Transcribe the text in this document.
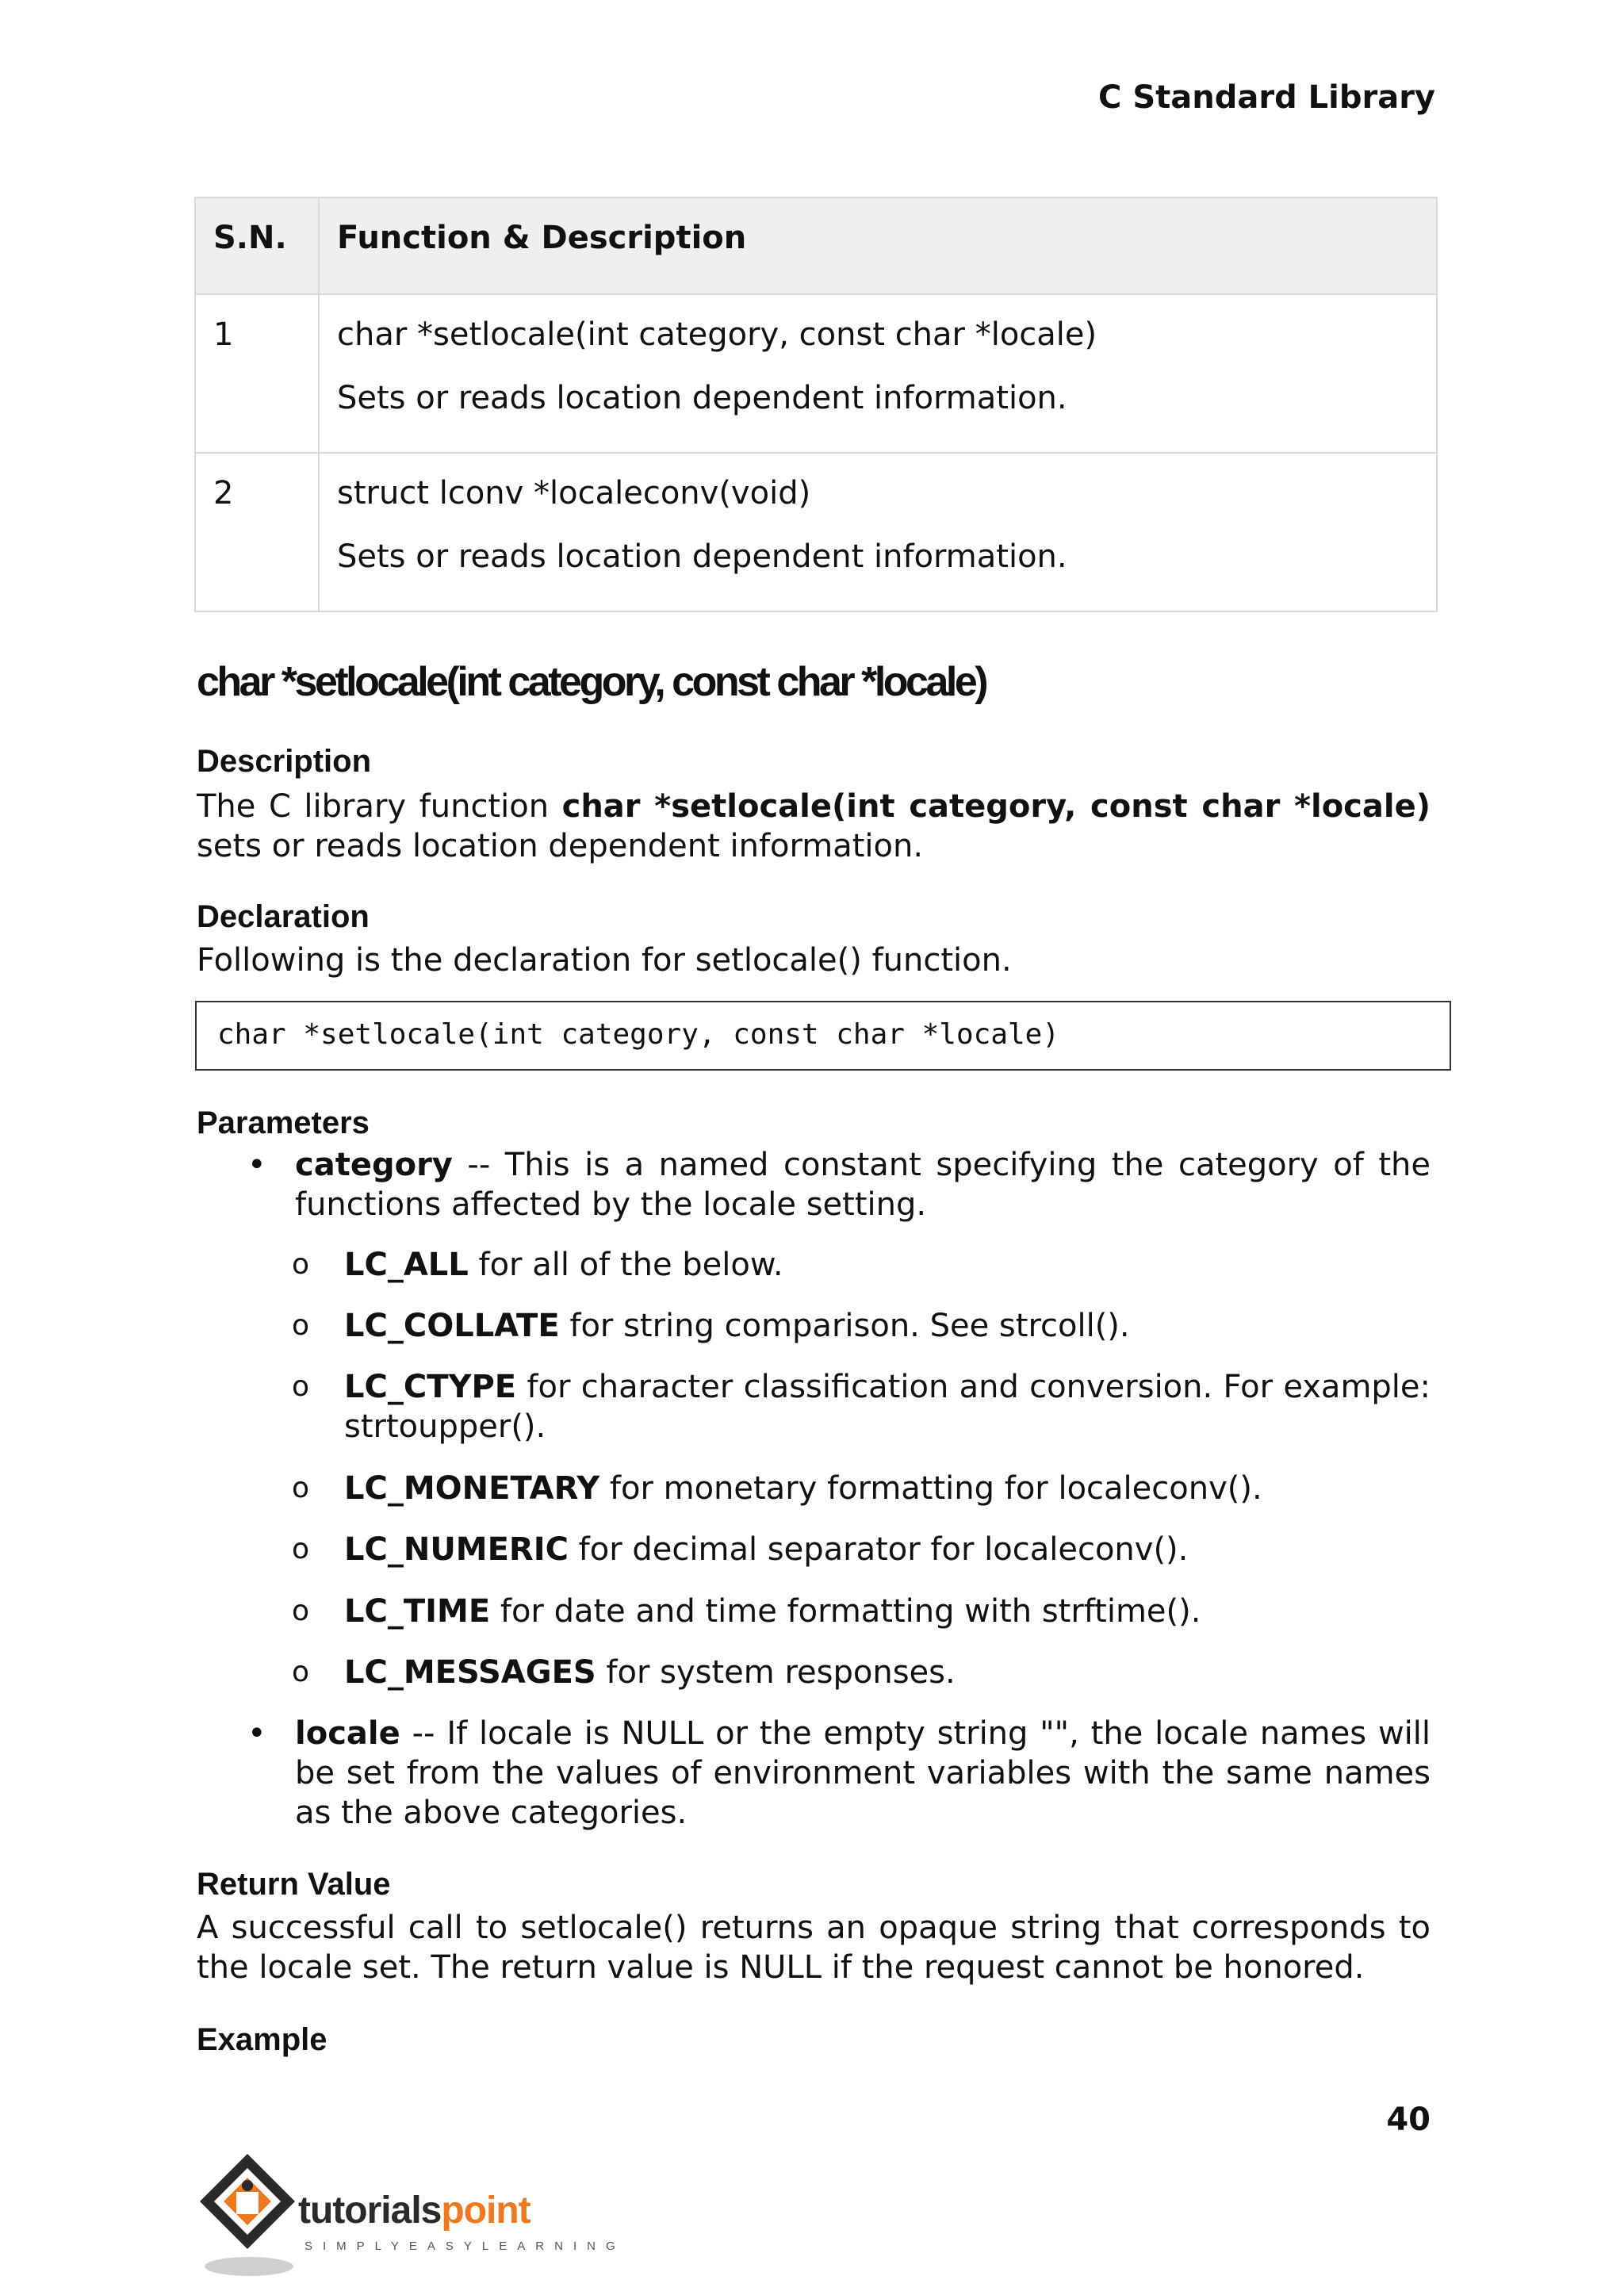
C Standard Library
S.N.	Function & Description
1	char *setlocale(int category, const char *locale)
Sets or reads location dependent information.

2	struct lconv *localeconv(void)
Sets or reads location dependent information.
char *setlocale(int category, const char *locale)
Description

The C library function char *setlocale(int category, const char *locale) sets or reads location dependent information.

Declaration

Following is the declaration for setlocale() function.

char *setlocale(int category, const char *locale)
Parameters
• category -- This is a named constant specifying the category of the functions affected by the locale setting.
o LC_ALL for all of the below.
o LC_COLLATE for string comparison. See strcoll().
o LC_CTYPE for character classification and conversion. For example: strtoupper().
o LC_MONETARY for monetary formatting for localeconv().
o LC_NUMERIC for decimal separator for localeconv().
o LC_TIME for date and time formatting with strftime().
o LC_MESSAGES for system responses.
• locale -- If locale is NULL or the empty string "", the locale names will be set from the values of environment variables with the same names as the above categories.
Return Value

A successful call to setlocale() returns an opaque string that corresponds to the locale set. The return value is NULL if the request cannot be honored.

Example
40
tutorialspoint
SIMPLYEASYLEARNING
